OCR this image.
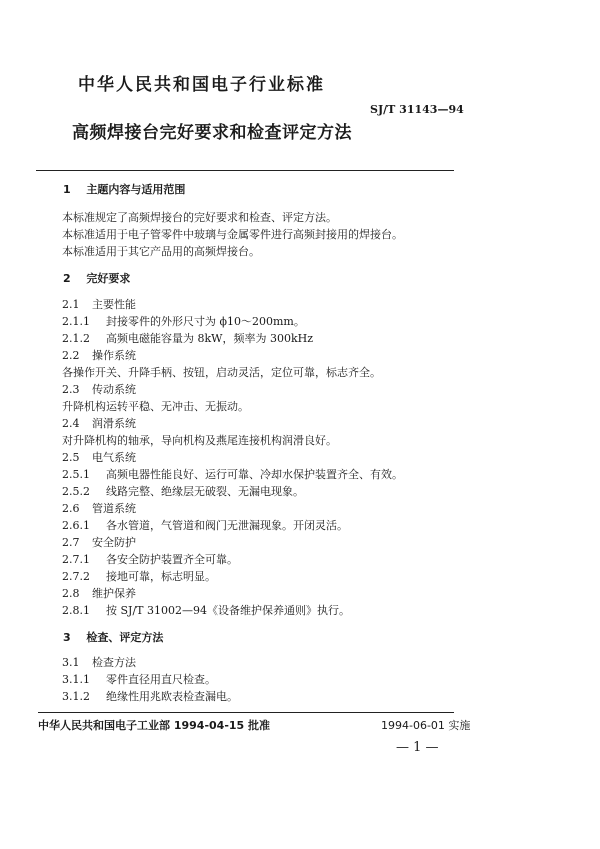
中华人民共和国电子行业标准
SJ/T 31143—94
高频焊接台完好要求和检查评定方法
1 主题内容与适用范围
本标准规定了高频焊接台的完好要求和检查、评定方法。
本标准适用于电子管零件中玻璃与金属零件进行高频封接用的焊接台。
本标准适用于其它产品用的高频焊接台。
2 完好要求
2.1 主要性能
2.1.1 封接零件的外形尺寸为 ϕ10～200mm。
2.1.2 高频电磁能容量为 8kW，频率为 300kHz
2.2 操作系统
各操作开关、升降手柄、按钮，启动灵活，定位可靠，标志齐全。
2.3 传动系统
升降机构运转平稳、无冲击、无振动。
2.4 润滑系统
对升降机构的轴承，导向机构及燕尾连接机构润滑良好。
2.5 电气系统
2.5.1 高频电器性能良好、运行可靠、冷却水保护装置齐全、有效。
2.5.2 线路完整、绝缘层无破裂、无漏电现象。
2.6 管道系统
2.6.1 各水管道，气管道和阀门无泄漏现象。开闭灵活。
2.7 安全防护
2.7.1 各安全防护装置齐全可靠。
2.7.2 接地可靠，标志明显。
2.8 维护保养
2.8.1 按 SJ/T 31002—94《设备维护保养通则》执行。
3 检查、评定方法
3.1 检查方法
3.1.1 零件直径用直尺检查。
3.1.2 绝缘性用兆欧表检查漏电。
中华人民共和国电子工业部 1994-04-15 批准	1994-06-01 实施
— 1 —
